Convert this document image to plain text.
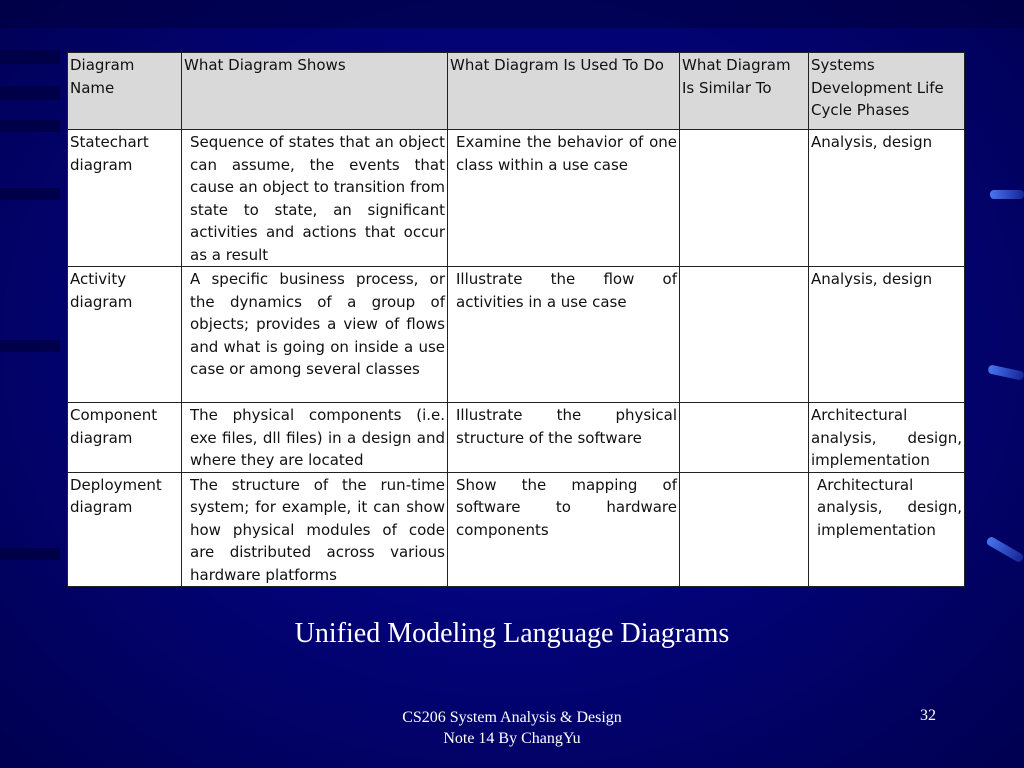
Diagram Name	What Diagram Shows	What Diagram Is Used To Do	What Diagram Is Similar To	Systems Development Life Cycle Phases
Statechart diagram	Sequence of states that an object can assume, the events that cause an object to transition from state to state, an significant activities and actions that occur as a result	Examine the behavior of one class within a use case		Analysis, design
Activity diagram	A specific business process, or the dynamics of a group of objects; provides a view of flows and what is going on inside a use case or among several classes	Illustrate the flow of activities in a use case		Analysis, design
Component diagram	The physical components (i.e. exe files, dll files) in a design and where they are located	Illustrate the physical structure of the software		Architectural analysis, design, implementation
Deployment diagram	The structure of the run-time system; for example, it can show how physical modules of code are distributed across various hardware platforms	Show the mapping of software to hardware components		Architectural analysis, design, implementation
Unified Modeling Language Diagrams
CS206 System Analysis & Design
Note 14 By ChangYu
32
